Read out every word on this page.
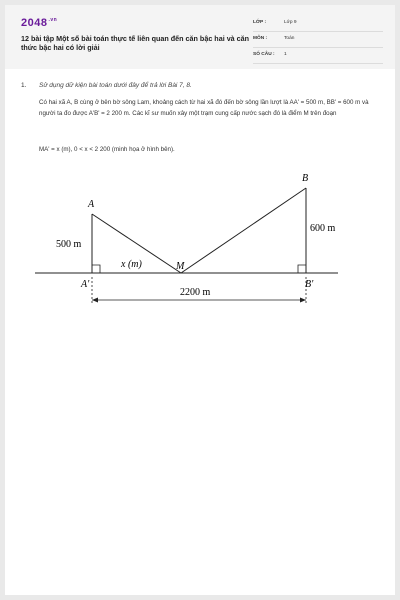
$2048^{.vn}$
12 bài tập Một số bài toán thực tế liên quan đến căn bậc hai và căn thức bậc hai có lời giải
LỚP :	Lớp 9
MÔN :	Toán
SỐ CÂU : 1
1. Sử dụng dữ kiện bài toán dưới đây để trả lời Bài 7, 8.
Có hai xã A, B cùng ở bên bờ sông Lam, khoảng cách từ hai xã đó đến bờ sông lần lượt là AA' = 500 m, BB' = 600 m và người ta đo được A'B' = 2 200 m. Các kĩ sư muốn xây một trạm cung cấp nước sạch đó là điểm M trên đoạn
MA' = x (m), 0 < x < 2 200 (minh họa ở hình bên).
A
B
M
A'	B'
500 m
600 m
x (m)
2200 m
